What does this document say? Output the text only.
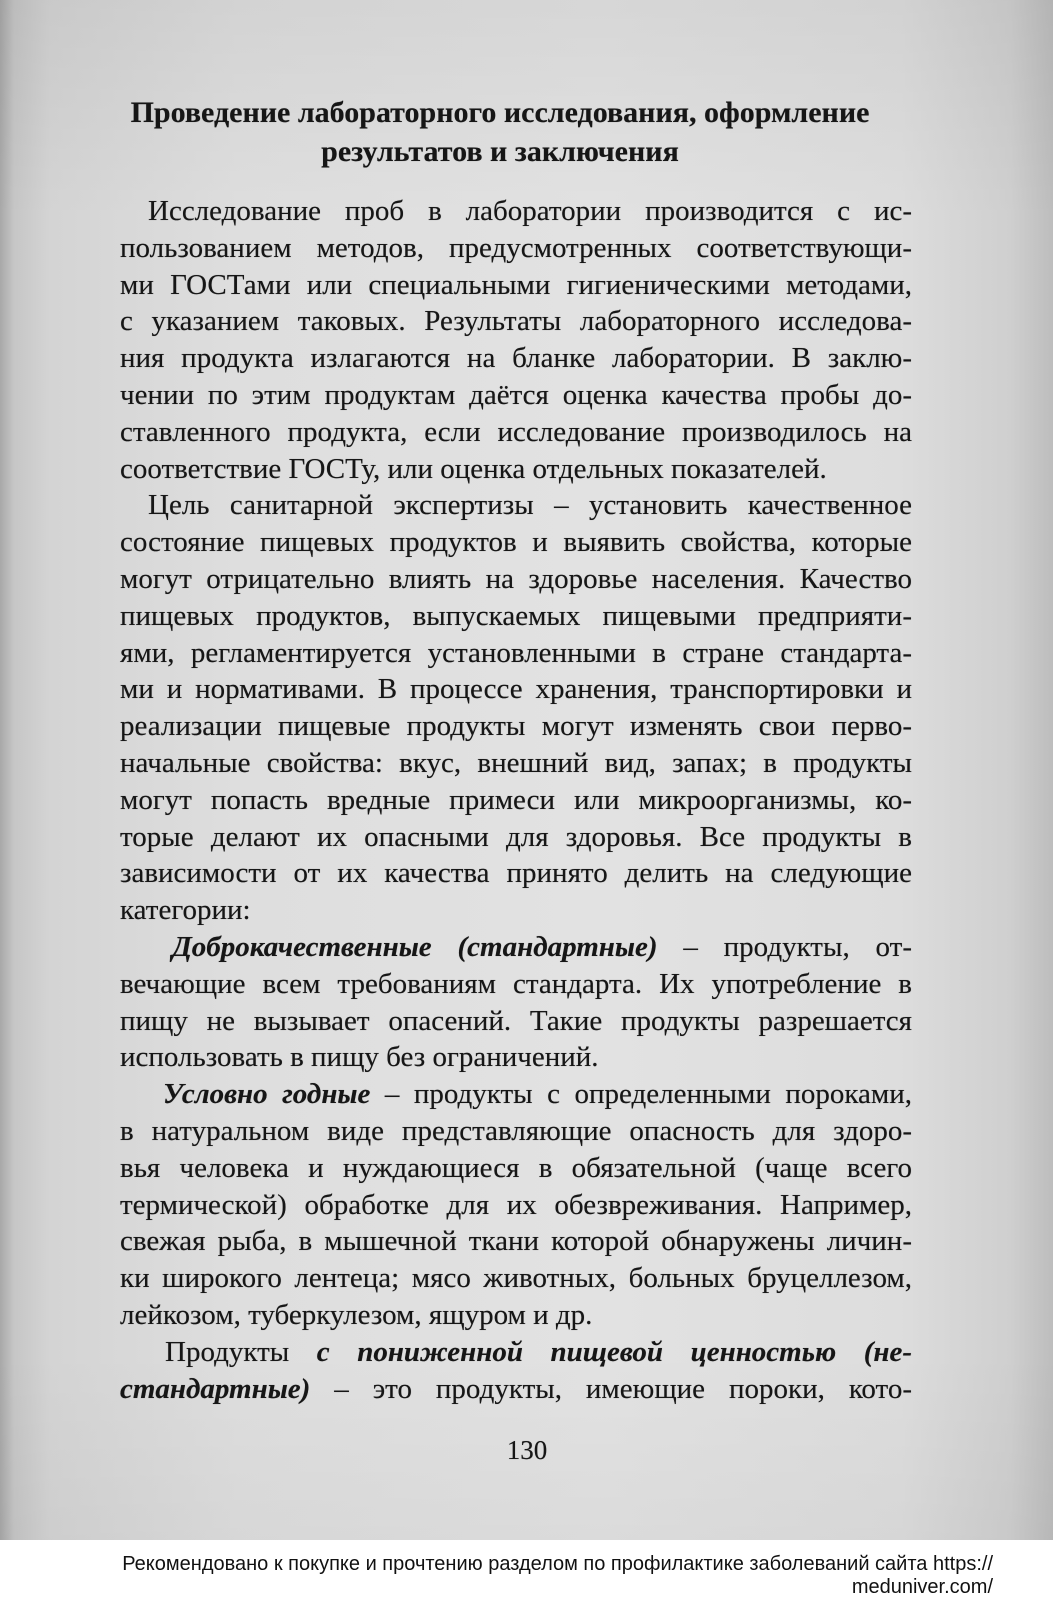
Проведение лабораторного исследования, оформление
результатов и заключения
Исследование проб в лаборатории производится с ис-
пользованием методов, предусмотренных соответствующи-
ми ГОСТами или специальными гигиеническими методами,
с указанием таковых. Результаты лабораторного исследова-
ния продукта излагаются на бланке лаборатории. В заклю-
чении по этим продуктам даётся оценка качества пробы до-
ставленного продукта, если исследование производилось на
соответствие ГОСТу, или оценка отдельных показателей.
Цель санитарной экспертизы – установить качественное
состояние пищевых продуктов и выявить свойства, которые
могут отрицательно влиять на здоровье населения. Качество
пищевых продуктов, выпускаемых пищевыми предприяти-
ями, регламентируется установленными в стране стандарта-
ми и нормативами. В процессе хранения, транспортировки и
реализации пищевые продукты могут изменять свои перво-
начальные свойства: вкус, внешний вид, запах; в продукты
могут попасть вредные примеси или микроорганизмы, ко-
торые делают их опасными для здоровья. Все продукты в
зависимости от их качества принято делить на следующие
категории:
Доброкачественные (стандартные) – продукты, от-
вечающие всем требованиям стандарта. Их употребление в
пищу не вызывает опасений. Такие продукты разрешается
использовать в пищу без ограничений.
Условно годные – продукты с определенными пороками,
в натуральном виде представляющие опасность для здоро-
вья человека и нуждающиеся в обязательной (чаще всего
термической) обработке для их обезвреживания. Например,
свежая рыба, в мышечной ткани которой обнаружены личин-
ки широкого лентеца; мясо животных, больных бруцеллезом,
лейкозом, туберкулезом, ящуром и др.
Продукты с пониженной пищевой ценностью (не-
стандартные) – это продукты, имеющие пороки, кото-
130
Рекомендовано к покупке и прочтению разделом по профилактике заболеваний сайта https://
meduniver.com/
